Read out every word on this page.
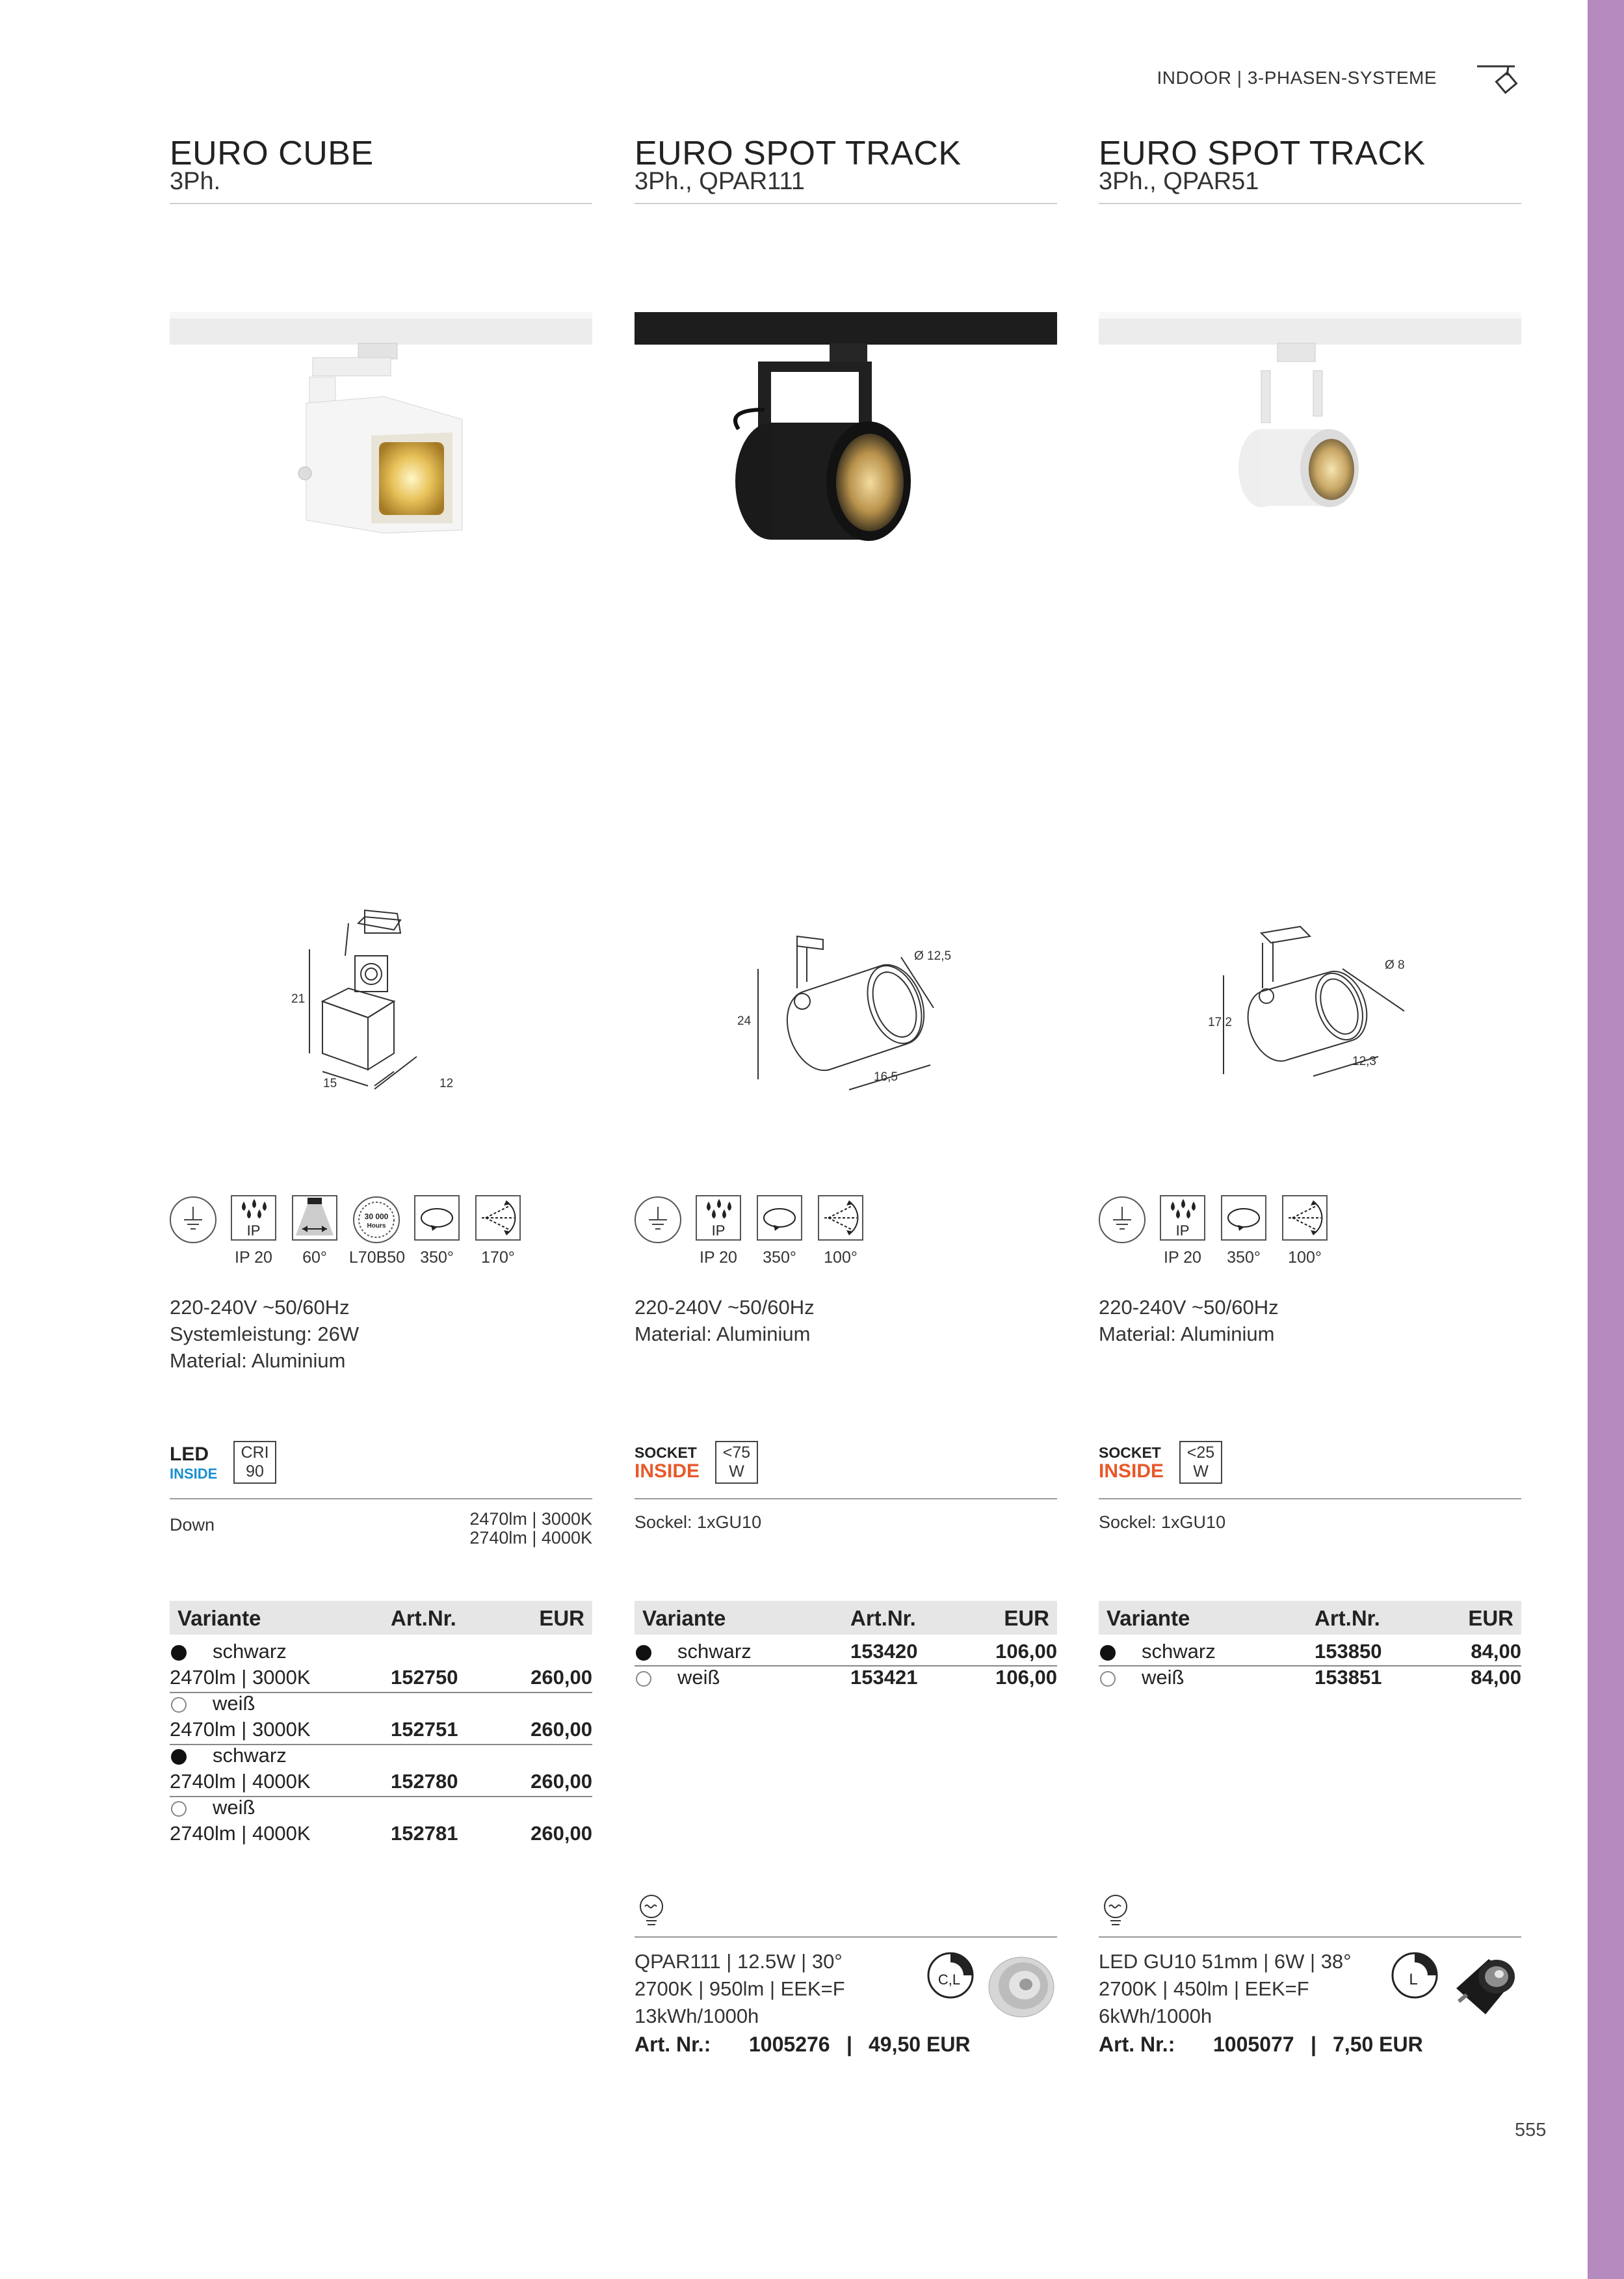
INDOOR | 3-PHASEN-SYSTEME
EURO CUBE
3Ph.
21
15	12
IP
IP 20	60°
30 000
Hours
L70B50 350°	170°
220-240V ~50/60Hz
Systemleistung: 26W
Material: Aluminium
LED
INSIDE
CRI
90
Down	2470lm | 3000K
2740lm | 4000K
Variante	Art.Nr.	EUR
schwarz
2470lm | 3000K	152750	260,00
weiß
2470lm | 3000K	152751	260,00
schwarz
2740lm | 4000K	152780	260,00
weiß
2740lm | 4000K	152781	260,00
EURO SPOT TRACK
3Ph., QPAR111
24
16,5
Ø 12,5
IP
IP 20	350°	100°
220-240V ~50/60Hz
Material: Aluminium
SOCKET
INSIDE
<75
W
Sockel: 1xGU10
Variante	Art.Nr.	EUR
schwarz	153420	106,00
weiß	153421	106,00
QPAR111 | 12.5W | 30°
2700K | 950lm | EEK=F
13kWh/1000h
C,L
Art. Nr.: 1005276 | 49,50 EUR
EURO SPOT TRACK
3Ph., QPAR51
17,2
12,3
Ø 8
IP
IP 20	350°	100°
220-240V ~50/60Hz
Material: Aluminium
SOCKET
INSIDE
<25
W
Sockel: 1xGU10
Variante	Art.Nr.	EUR
schwarz	153850	84,00
weiß	153851	84,00
LED GU10 51mm | 6W | 38°
2700K | 450lm | EEK=F
6kWh/1000h
L
Art. Nr.: 1005077 | 7,50 EUR
555
